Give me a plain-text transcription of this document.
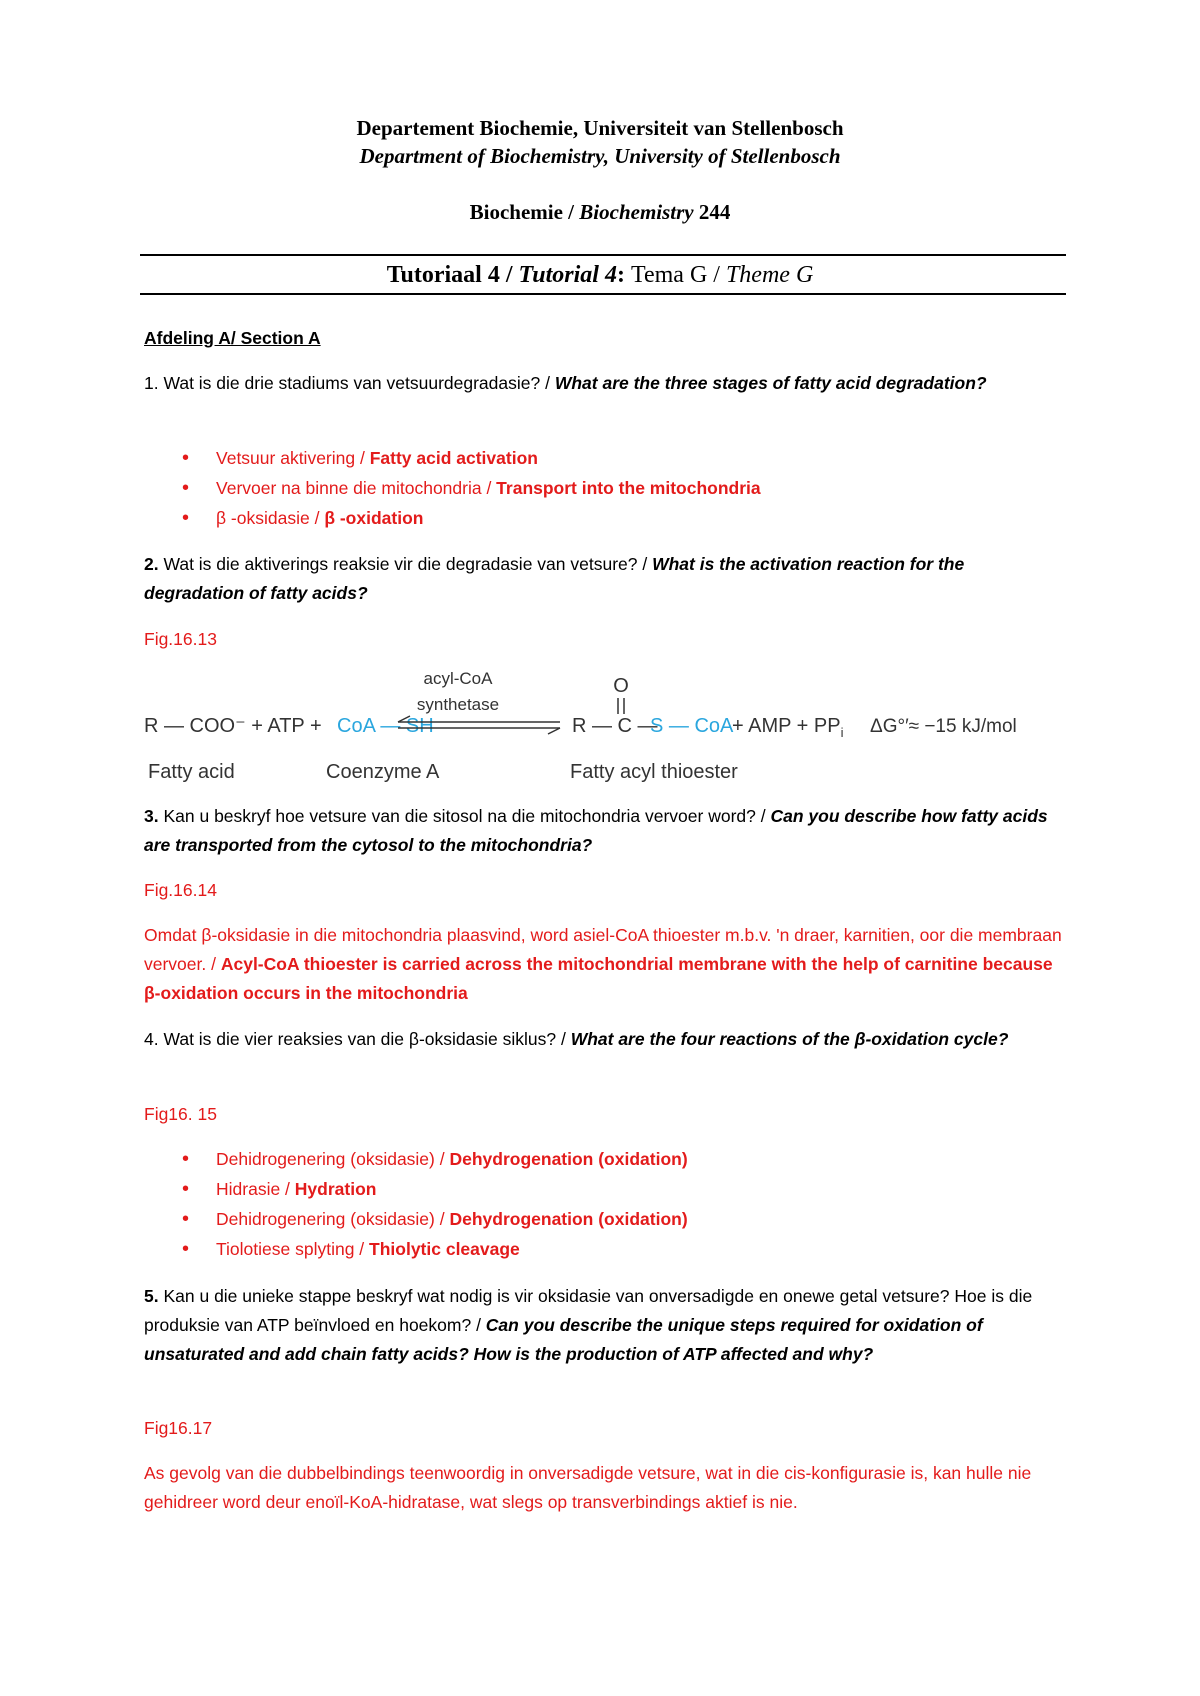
Departement Biochemie, Universiteit van Stellenbosch
Department of Biochemistry, University of Stellenbosch
Biochemie / Biochemistry 244
Tutoriaal 4 / Tutorial 4: Tema G / Theme G
Afdeling A/ Section A
1. Wat is die drie stadiums van vetsuurdegradasie? / What are the three stages of fatty acid degradation?
• Vetsuur aktivering / Fatty acid activation
• Vervoer na binne die mitochondria / Transport into the mitochondria
• β -oksidasie / β -oxidation
2. Wat is die aktiverings reaksie vir die degradasie van vetsure? / What is the activation reaction for the degradation of fatty acids?
Fig.16.13
R — COO⁻ + ATP + CoA — SH
acyl-CoA
synthetase
O
R — C —
S — CoA
+ AMP + $PP_i$ ΔG°′≈ −15 kJ/mol
Fatty acid	Coenzyme A	Fatty acyl thioester
3. Kan u beskryf hoe vetsure van die sitosol na die mitochondria vervoer word? / Can you describe how fatty acids are transported from the cytosol to the mitochondria?
Fig.16.14
Omdat β-oksidasie in die mitochondria plaasvind, word asiel-CoA thioester m.b.v. 'n draer, karnitien, oor die membraan vervoer. / Acyl-CoA thioester is carried across the mitochondrial membrane with the help of carnitine because β-oxidation occurs in the mitochondria
4. Wat is die vier reaksies van die β-oksidasie siklus? / What are the four reactions of the β-oxidation cycle?
Fig16. 15
• Dehidrogenering (oksidasie) / Dehydrogenation (oxidation)
• Hidrasie / Hydration
• Dehidrogenering (oksidasie) / Dehydrogenation (oxidation)
• Tiolotiese splyting / Thiolytic cleavage
5. Kan u die unieke stappe beskryf wat nodig is vir oksidasie van onversadigde en onewe getal vetsure? Hoe is die produksie van ATP beïnvloed en hoekom? / Can you describe the unique steps required for oxidation of unsaturated and add chain fatty acids? How is the production of ATP affected and why?
Fig16.17
As gevolg van die dubbelbindings teenwoordig in onversadigde vetsure, wat in die cis-konfigurasie is, kan hulle nie gehidreer word deur enoïl-KoA-hidratase, wat slegs op transverbindings aktief is nie.
